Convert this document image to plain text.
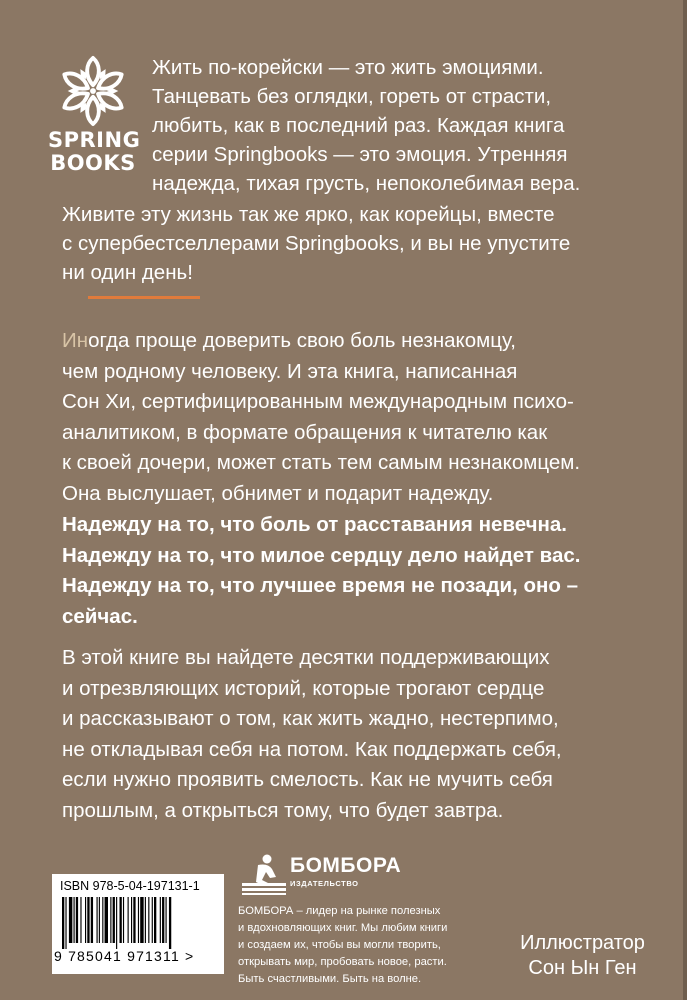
SPRING
BOOKS

Жить по-корейски — это жить эмоциями.

Танцевать без оглядки, гореть от страсти,

любить, как в последний раз. Каждая книга

серии Springbooks — это эмоция. Утренняя

надежда, тихая грусть, непоколебимая вера.

Живите эту жизнь так же ярко, как корейцы, вместе
с супербестселлерами Springbooks, и вы не упустите
ни один день!
Иногда проще доверить свою боль незнакомцу,
чем родному человеку. И эта книга, написанная
Сон Хи, сертифицированным международным психо-
аналитиком, в формате обращения к читателю как
к своей дочери, может стать тем самым незнакомцем.
Она выслушает, обнимет и подарит надежду.
Надежду на то, что боль от расставания невечна.
Надежду на то, что милое сердцу дело найдет вас.
Надежду на то, что лучшее время не позади, оно –
сейчас.
В этой книге вы найдете десятки поддерживающих
и отрезвляющих историй, которые трогают сердце
и рассказывают о том, как жить жадно, нестерпимо,
не откладывая себя на потом. Как поддержать себя,
если нужно проявить смелость. Как не мучить себя
прошлым, а открыться тому, что будет завтра.
ISBN 978-5-04-197131-1
9 785041 971311 >
БОМБОРА
ИЗДАТЕЛЬСТВО
БОМБОРА – лидер на рынке полезных
и вдохновляющих книг. Мы любим книги
и создаем их, чтобы вы могли творить,
открывать мир, пробовать новое, расти.
Быть счастливыми. Быть на волне.
Иллюстратор
Сон Ын Ген
